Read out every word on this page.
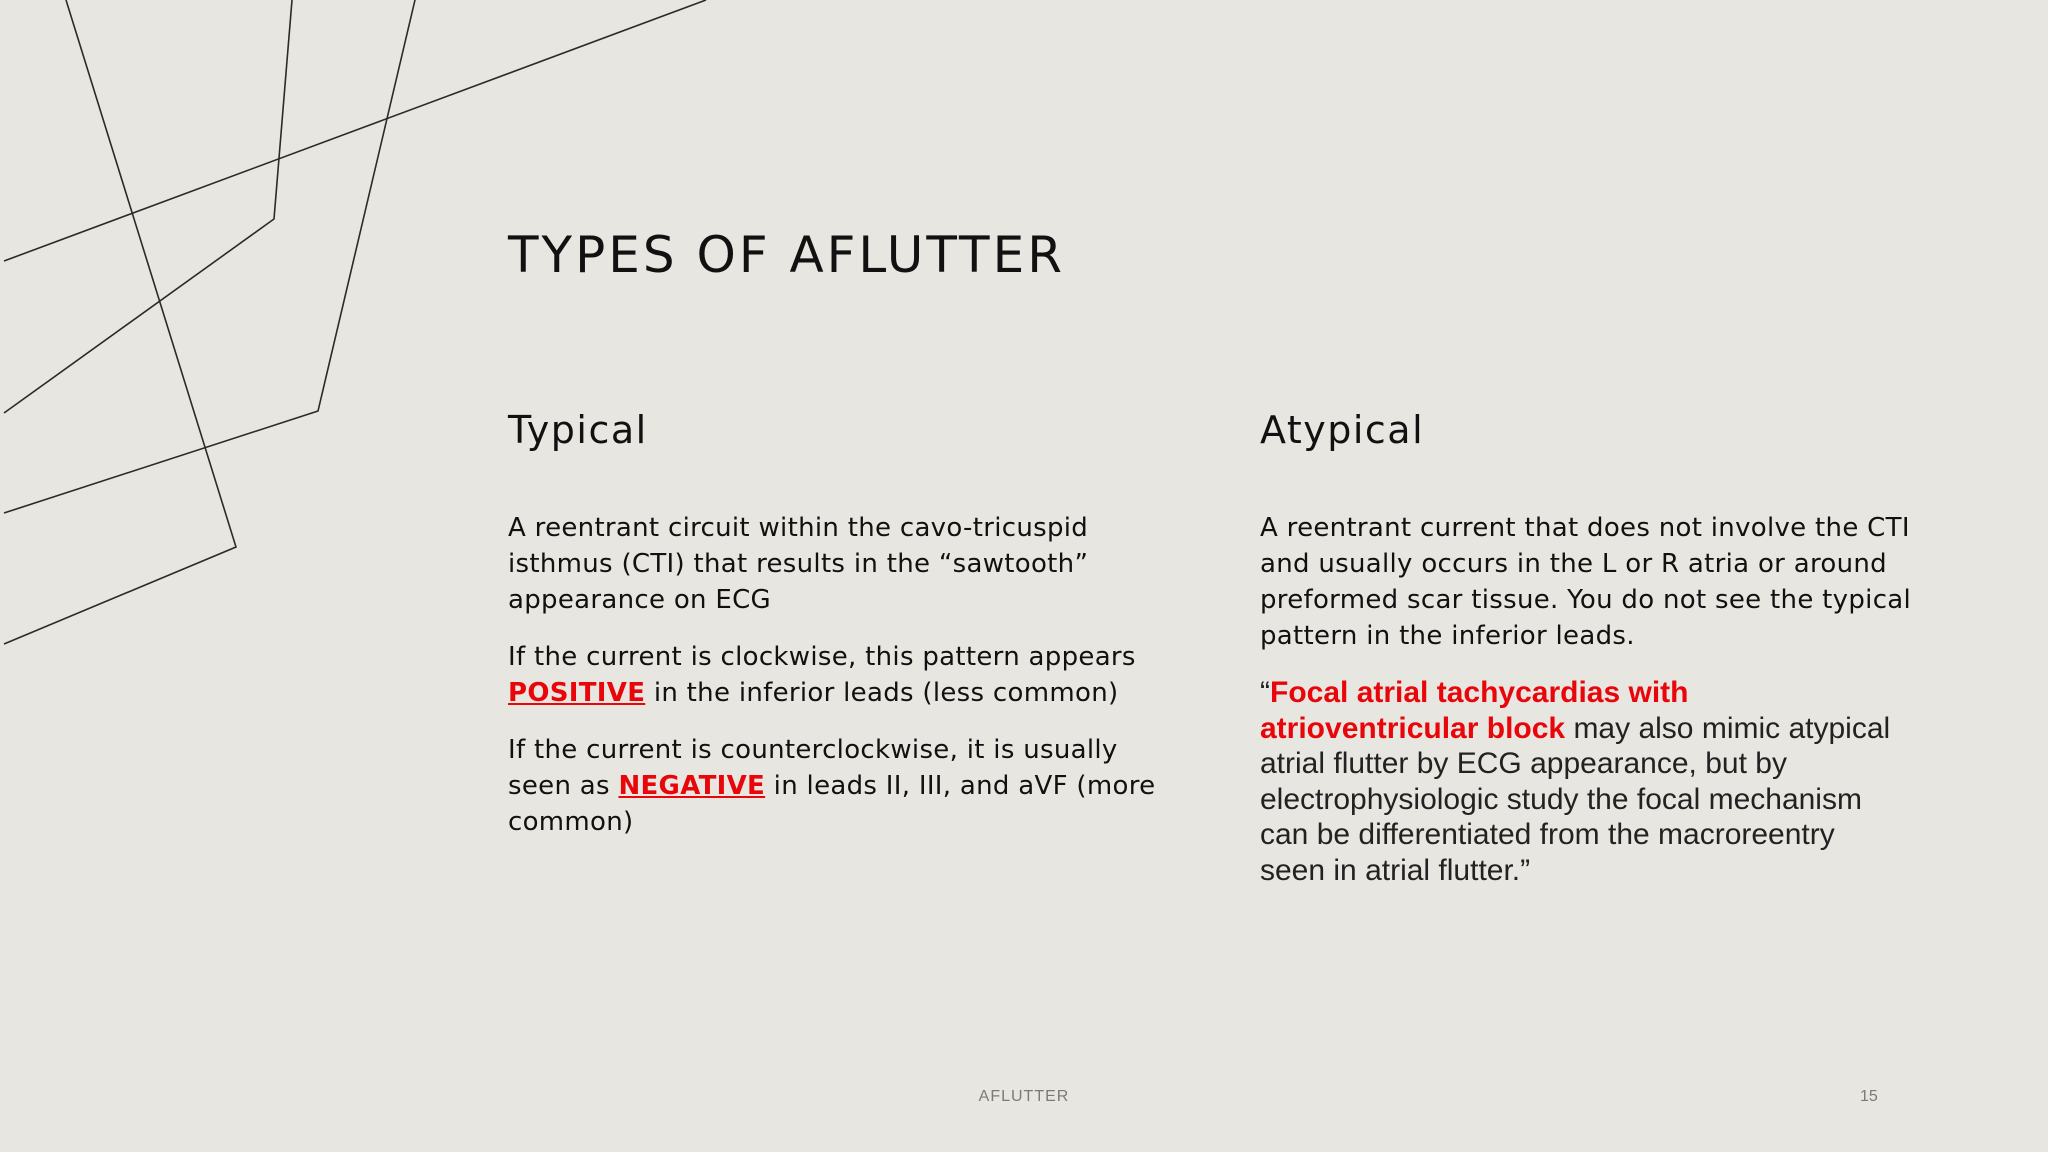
TYPES OF AFLUTTER
Typical

A reentrant circuit within the cavo-tricuspid isthmus (CTI) that results in the “sawtooth” appearance on ECG

If the current is clockwise, this pattern appears POSITIVE in the inferior leads (less common)

If the current is counterclockwise, it is usually seen as NEGATIVE in leads II, III, and aVF (more common)

Atypical

A reentrant current that does not involve the CTI and usually occurs in the L or R atria or around preformed scar tissue. You do not see the typical pattern in the inferior leads.

“Focal atrial tachycardias with atrioventricular block may also mimic atypical atrial flutter by ECG appearance, but by electrophysiologic study the focal mechanism can be differentiated from the macroreentry seen in atrial flutter.”

AFLUTTER	15
